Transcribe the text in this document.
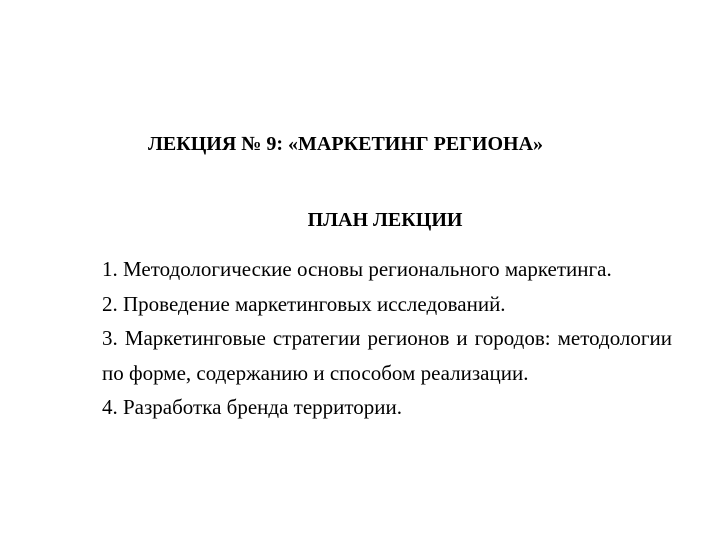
ЛЕКЦИЯ № 9: «МАРКЕТИНГ РЕГИОНА»
ПЛАН ЛЕКЦИИ

1. Методологические основы регионального маркетинга.

2. Проведение маркетинговых исследований.

3. Маркетинговые стратегии регионов и городов: методологии по форме, содержанию и способом реализации.

4. Разработка бренда территории.
